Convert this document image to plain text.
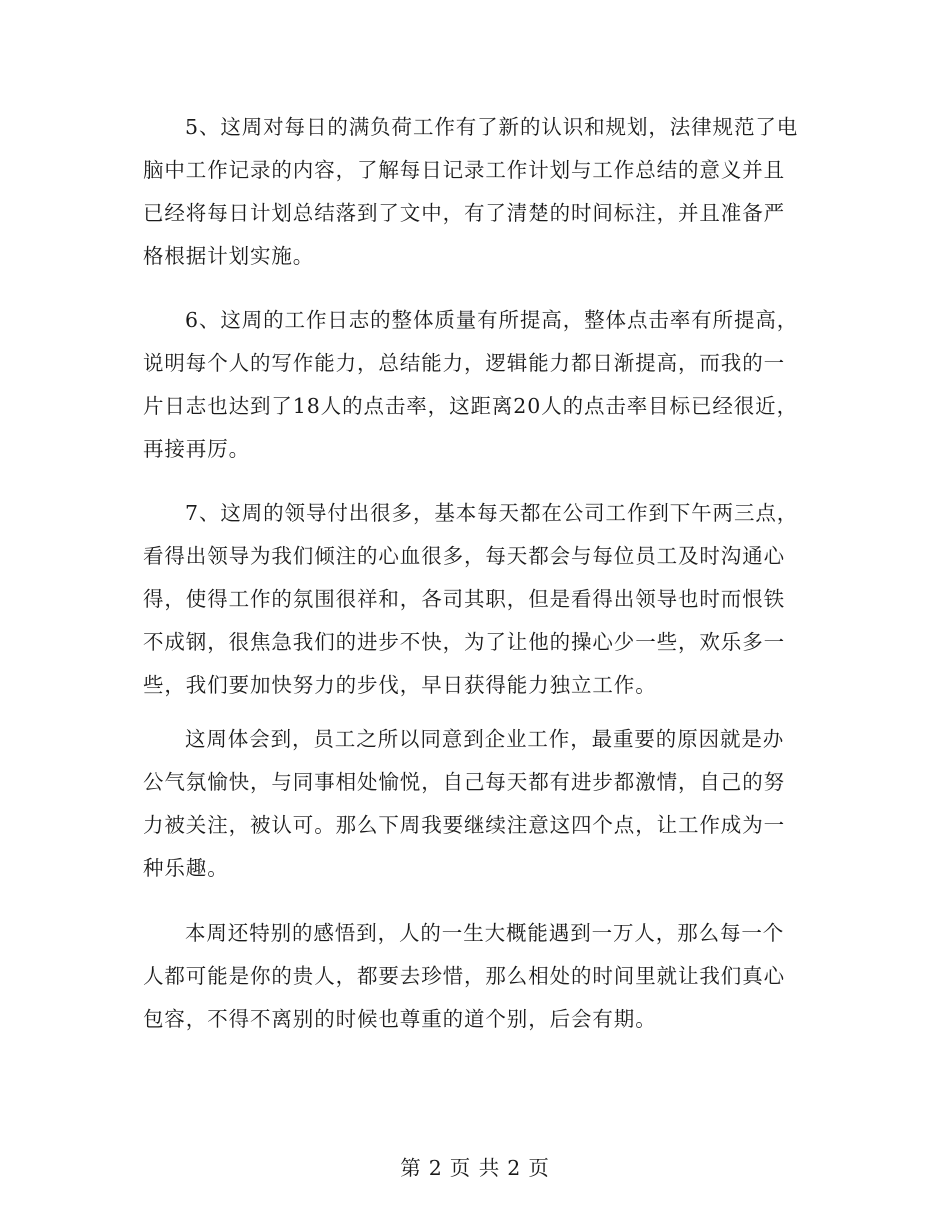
5、这周对每日的满负荷工作有了新的认识和规划，法律规范了电
脑中工作记录的内容，了解每日记录工作计划与工作总结的意义并且
已经将每日计划总结落到了文中，有了清楚的时间标注，并且准备严
格根据计划实施。
6、这周的工作日志的整体质量有所提高，整体点击率有所提高，
说明每个人的写作能力，总结能力，逻辑能力都日渐提高，而我的一
片日志也达到了18人的点击率，这距离20人的点击率目标已经很近，
再接再厉。
7、这周的领导付出很多，基本每天都在公司工作到下午两三点，
看得出领导为我们倾注的心血很多，每天都会与每位员工及时沟通心
得，使得工作的氛围很祥和，各司其职，但是看得出领导也时而恨铁
不成钢，很焦急我们的进步不快，为了让他的操心少一些，欢乐多一
些，我们要加快努力的步伐，早日获得能力独立工作。
这周体会到，员工之所以同意到企业工作，最重要的原因就是办
公气氛愉快，与同事相处愉悦，自己每天都有进步都激情，自己的努
力被关注，被认可。那么下周我要继续注意这四个点，让工作成为一
种乐趣。
本周还特别的感悟到，人的一生大概能遇到一万人，那么每一个
人都可能是你的贵人，都要去珍惜，那么相处的时间里就让我们真心
包容，不得不离别的时候也尊重的道个别，后会有期。
第 2 页 共 2 页
